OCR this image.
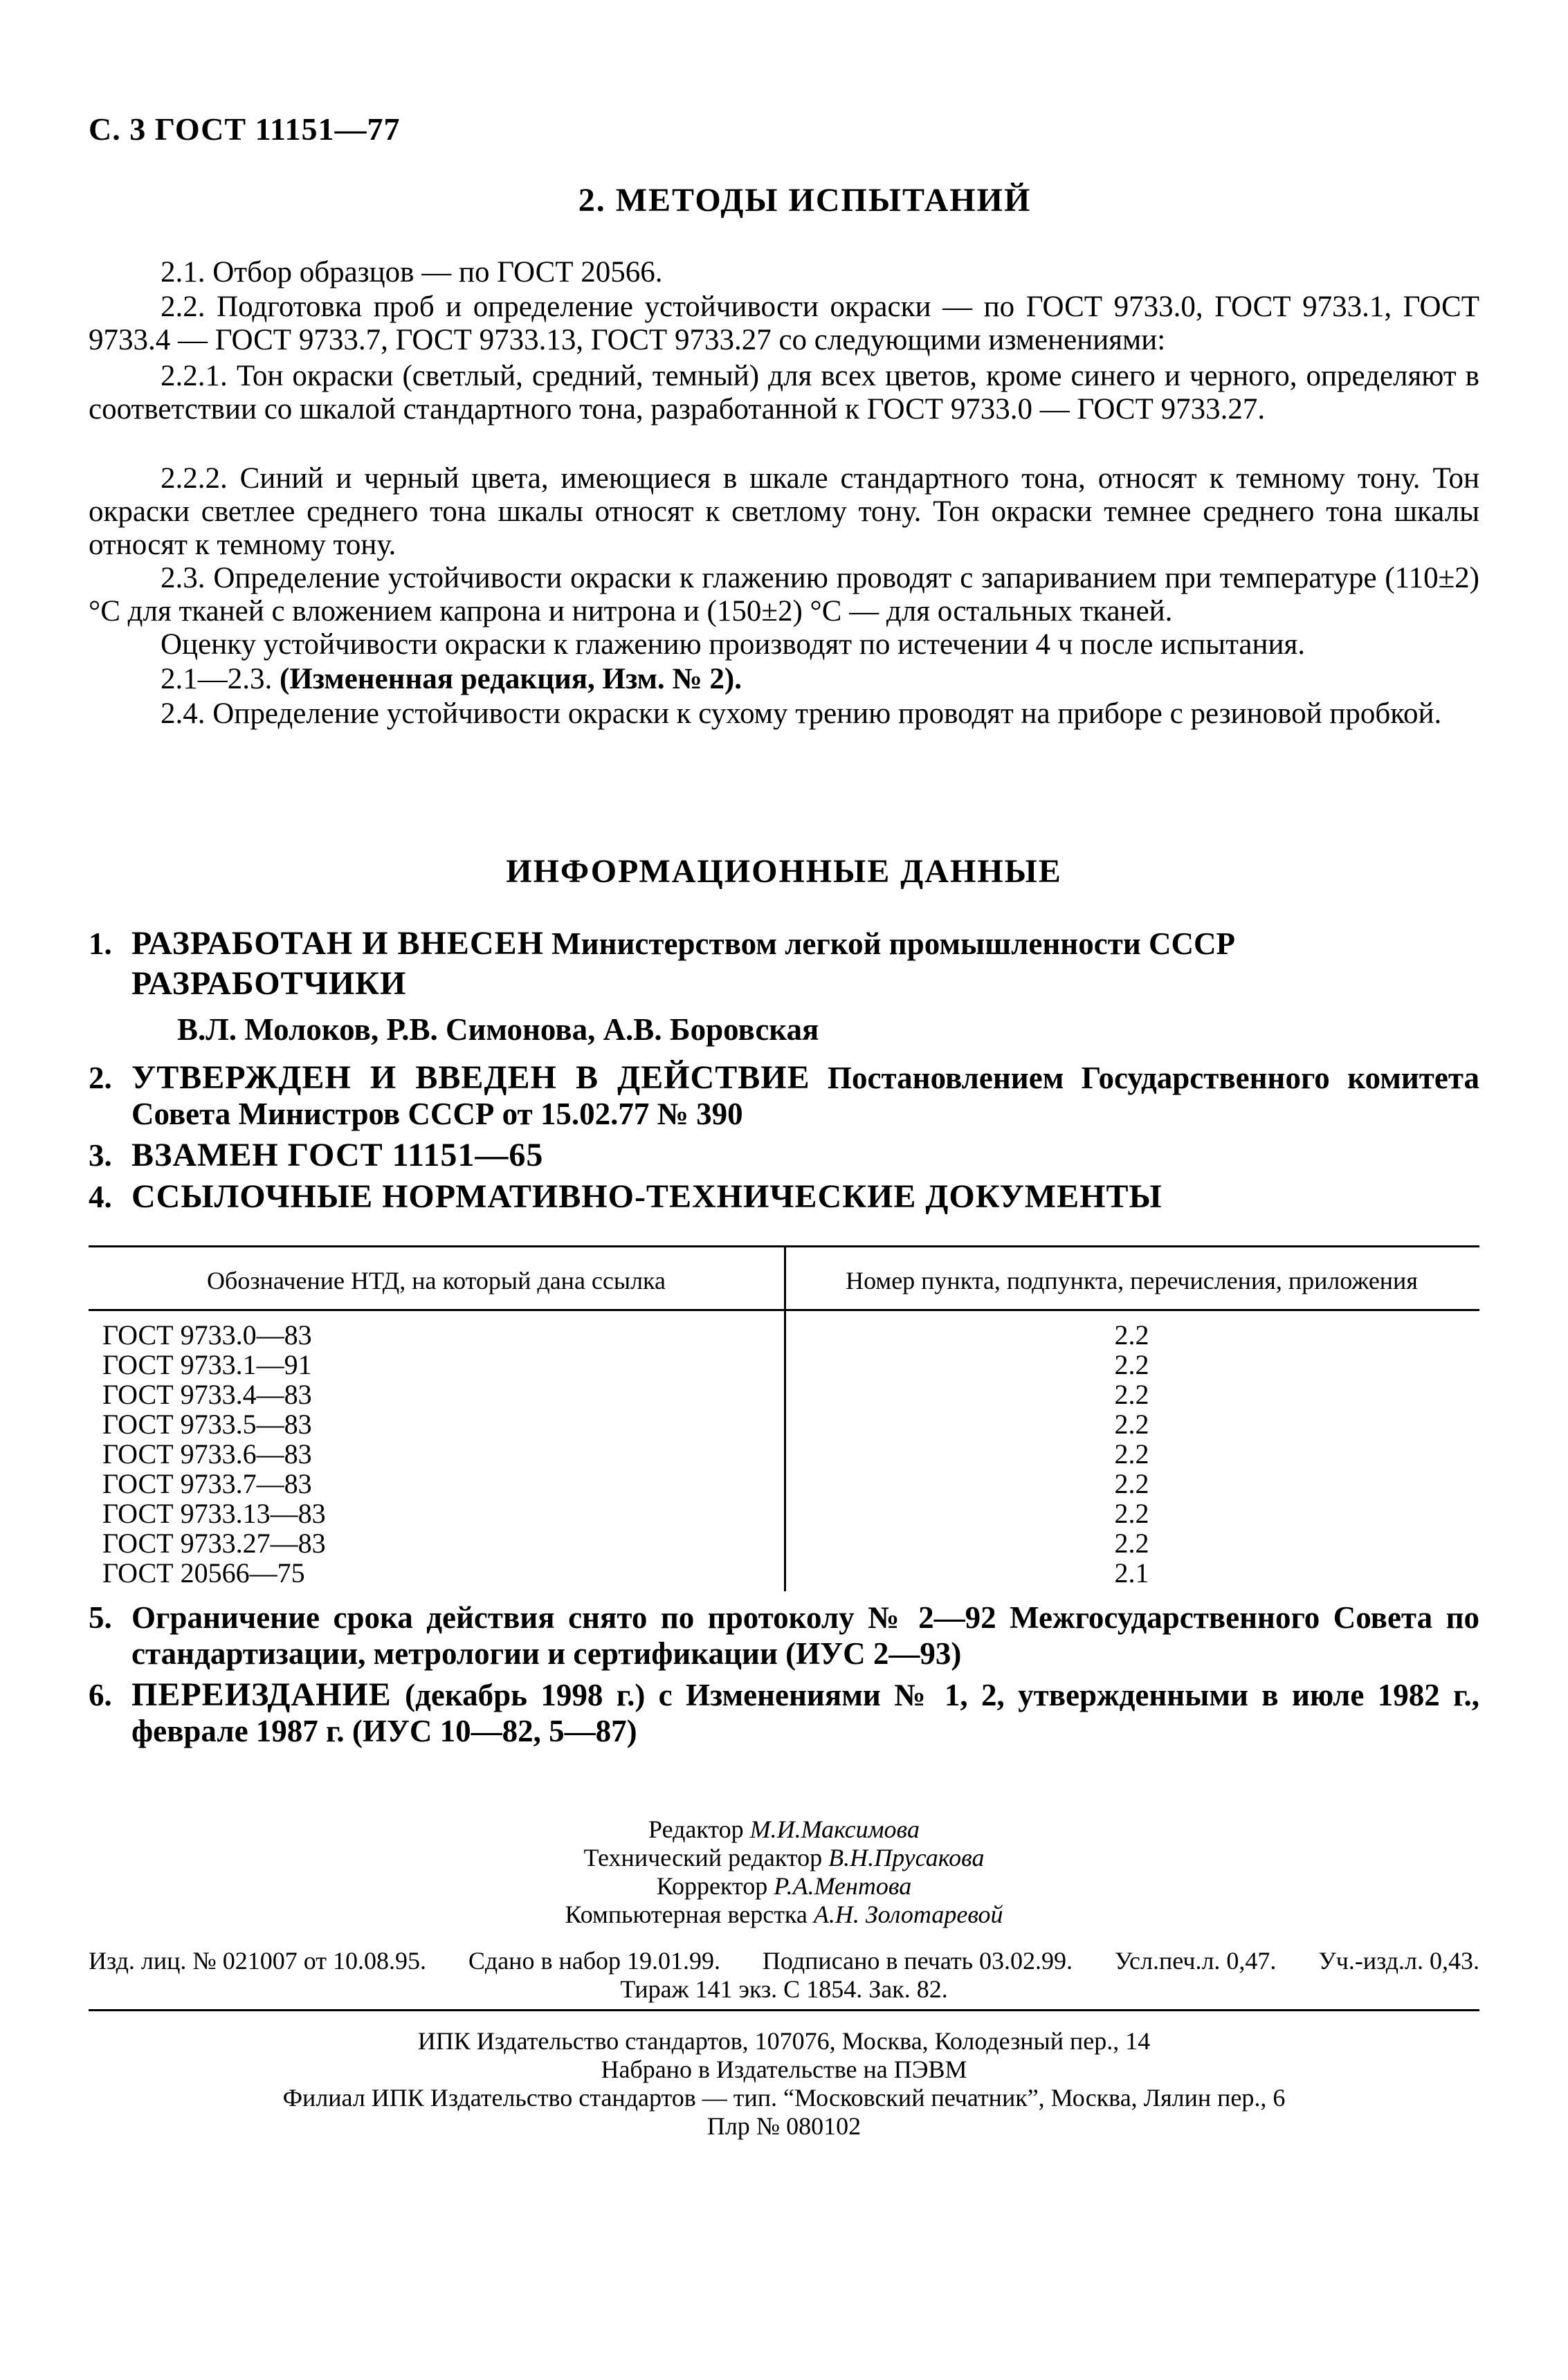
С. 3 ГОСТ 11151—77
2. МЕТОДЫ ИСПЫТАНИЙ
2.1. Отбор образцов — по ГОСТ 20566.
2.2. Подготовка проб и определение устойчивости окраски — по ГОСТ 9733.0, ГОСТ 9733.1, ГОСТ 9733.4 — ГОСТ 9733.7, ГОСТ 9733.13, ГОСТ 9733.27 со следующими изменениями:
2.2.1. Тон окраски (светлый, средний, темный) для всех цветов, кроме синего и черного, определяют в соответствии со шкалой стандартного тона, разработанной к ГОСТ 9733.0 — ГОСТ 9733.27.
2.2.2. Синий и черный цвета, имеющиеся в шкале стандартного тона, относят к темному тону. Тон окраски светлее среднего тона шкалы относят к светлому тону. Тон окраски темнее среднего тона шкалы относят к темному тону.
2.3. Определение устойчивости окраски к глажению проводят с запариванием при температуре (110±2) °С для тканей с вложением капрона и нитрона и (150±2) °С — для остальных тканей.
Оценку устойчивости окраски к глажению производят по истечении 4 ч после испытания.
2.1—2.3. (Измененная редакция, Изм. № 2).
2.4. Определение устойчивости окраски к сухому трению проводят на приборе с резиновой пробкой.
ИНФОРМАЦИОННЫЕ ДАННЫЕ
1. РАЗРАБОТАН И ВНЕСЕН Министерством легкой промышленности СССР
РАЗРАБОТЧИКИ
В.Л. Молоков, Р.В. Симонова, А.В. Боровская
2. УТВЕРЖДЕН И ВВЕДЕН В ДЕЙСТВИЕ Постановлением Государственного комитета Совета Министров СССР от 15.02.77 № 390
3. ВЗАМЕН ГОСТ 11151—65
4. ССЫЛОЧНЫЕ НОРМАТИВНО-ТЕХНИЧЕСКИЕ ДОКУМЕНТЫ
Обозначение НТД, на который дана ссылка	Номер пункта, подпункта, перечисления, приложения
ГОСТ 9733.0—83
ГОСТ 9733.1—91
ГОСТ 9733.4—83
ГОСТ 9733.5—83
ГОСТ 9733.6—83
ГОСТ 9733.7—83
ГОСТ 9733.13—83
ГОСТ 9733.27—83
ГОСТ 20566—75
2.2
2.2
2.2
2.2
2.2
2.2
2.2
2.2
2.1
5. Ограничение срока действия снято по протоколу № 2—92 Межгосударственного Совета по стандартизации, метрологии и сертификации (ИУС 2—93)
6. ПЕРЕИЗДАНИЕ (декабрь 1998 г.) с Изменениями № 1, 2, утвержденными в июле 1982 г., феврале 1987 г. (ИУС 10—82, 5—87)
Редактор М.И.Максимова
Технический редактор В.Н.Прусакова
Корректор Р.А.Ментова
Компьютерная верстка А.Н. Золотаревой
Изд. лиц. № 021007 от 10.08.95. Сдано в набор 19.01.99. Подписано в печать 03.02.99. Усл.печ.л. 0,47. Уч.-изд.л. 0,43.
Тираж 141 экз. С 1854. Зак. 82.
ИПК Издательство стандартов, 107076, Москва, Колодезный пер., 14
Набрано в Издательстве на ПЭВМ
Филиал ИПК Издательство стандартов — тип. “Московский печатник”, Москва, Лялин пер., 6
Плр № 080102
